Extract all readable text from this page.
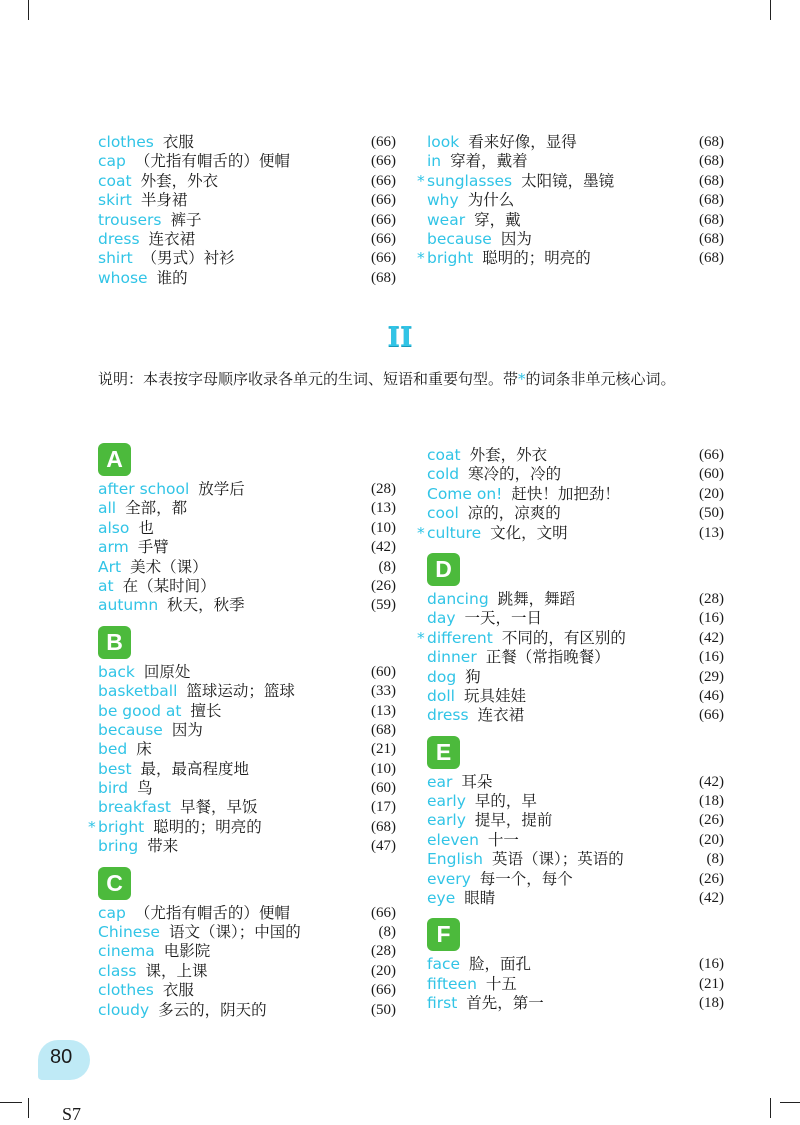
clothes 衣服	(66)
cap （尤指有帽舌的）便帽	(66)
coat 外套，外衣	(66)
skirt 半身裙	(66)
trousers 裤子	(66)
dress 连衣裙	(66)
shirt （男式）衬衫	(66)
whose 谁的	(68)
look 看来好像，显得	(68)
in 穿着，戴着	(68)
* sunglasses 太阳镜，墨镜	(68)
why 为什么	(68)
wear 穿，戴	(68)
because 因为	(68)
* bright 聪明的；明亮的	(68)
II
说明：本表按字母顺序收录各单元的生词、短语和重要句型。带*的词条非单元核心词。
A
after school 放学后	(28)
all 全部，都	(13)
also 也	(10)
arm 手臂	(42)
Art 美术（课）	(8)
at 在（某时间）	(26)
autumn 秋天，秋季	(59)
B
back 回原处	(60)
basketball 篮球运动；篮球	(33)
be good at 擅长	(13)
because 因为	(68)
bed 床	(21)
best 最，最高程度地	(10)
bird 鸟	(60)
breakfast 早餐，早饭	(17)
* bright 聪明的；明亮的	(68)
bring 带来	(47)
C
cap （尤指有帽舌的）便帽	(66)
Chinese 语文（课）；中国的	(8)
cinema 电影院	(28)
class 课，上课	(20)
clothes 衣服	(66)
cloudy 多云的，阴天的	(50)
coat 外套，外衣	(66)
cold 寒冷的，冷的	(60)
Come on! 赶快！加把劲！	(20)
cool 凉的，凉爽的	(50)
* culture 文化，文明	(13)
D
dancing 跳舞，舞蹈	(28)
day 一天，一日	(16)
* different 不同的，有区别的	(42)
dinner 正餐（常指晚餐）	(16)
dog 狗	(29)
doll 玩具娃娃	(46)
dress 连衣裙	(66)
E
ear 耳朵	(42)
early 早的，早	(18)
early 提早，提前	(26)
eleven 十一	(20)
English 英语（课）；英语的	(8)
every 每一个，每个	(26)
eye 眼睛	(42)
F
face 脸，面孔	(16)
fifteen 十五	(21)
first 首先，第一	(18)
80
S7
